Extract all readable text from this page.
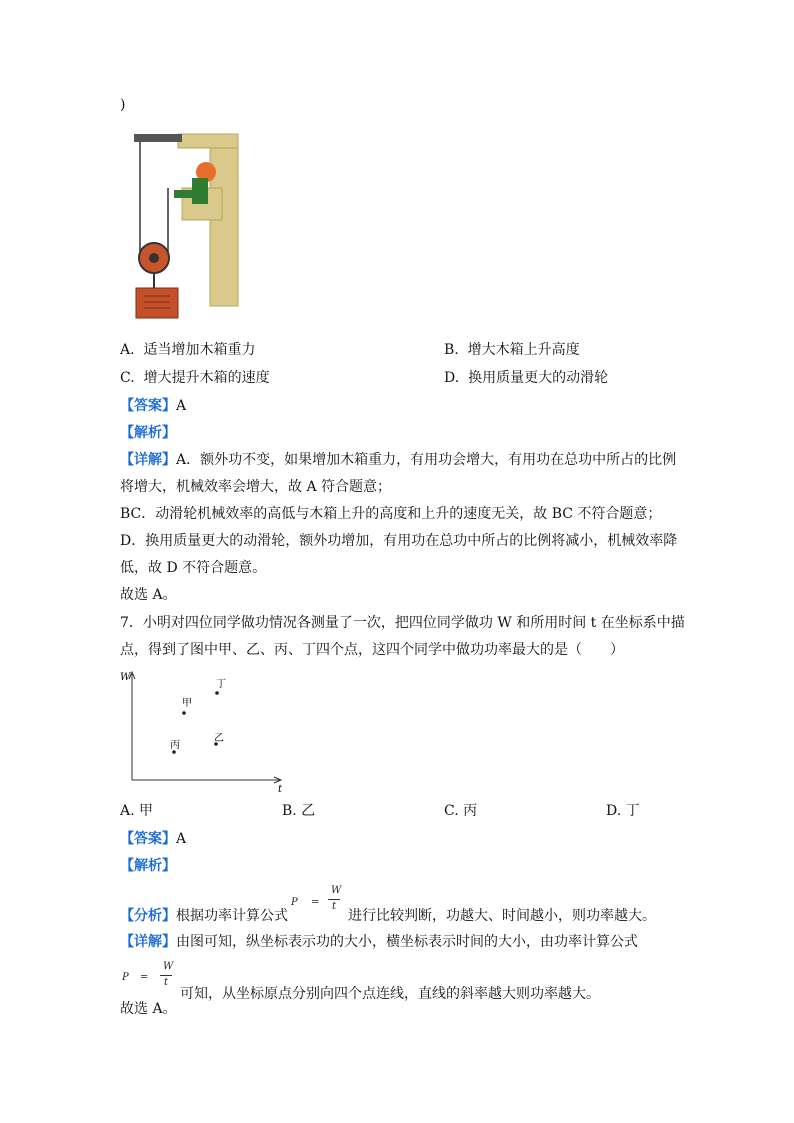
)
A. 适当增加木箱重力	B. 增大木箱上升高度
C. 增大提升木箱的速度	D. 换用质量更大的动滑轮
【答案】A
【解析】
【详解】A．额外功不变，如果增加木箱重力，有用功会增大，有用功在总功中所占的比例
将增大，机械效率会增大，故 A 符合题意；
BC．动滑轮机械效率的高低与木箱上升的高度和上升的速度无关，故 BC 不符合题意；
D．换用质量更大的动滑轮，额外功增加，有用功在总功中所占的比例将减小，机械效率降
低，故 D 不符合题意。
故选 A。
7．小明对四位同学做功情况各测量了一次，把四位同学做功 W 和所用时间 t 在坐标系中描
点，得到了图中甲、乙、丙、丁四个点，这四个同学中做功功率最大的是（　　）
W
t
甲
乙
丙
丁
A. 甲	B. 乙	C. 丙	D. 丁
【答案】A
【解析】
【分析】根据功率计算公式
P =
W
t
进行比较判断，功越大、时间越小，则功率越大。
【详解】由图可知，纵坐标表示功的大小，横坐标表示时间的大小，由功率计算公式
P =
W
t
可知，从坐标原点分别向四个点连线，直线的斜率越大则功率越大。
故选 A。
